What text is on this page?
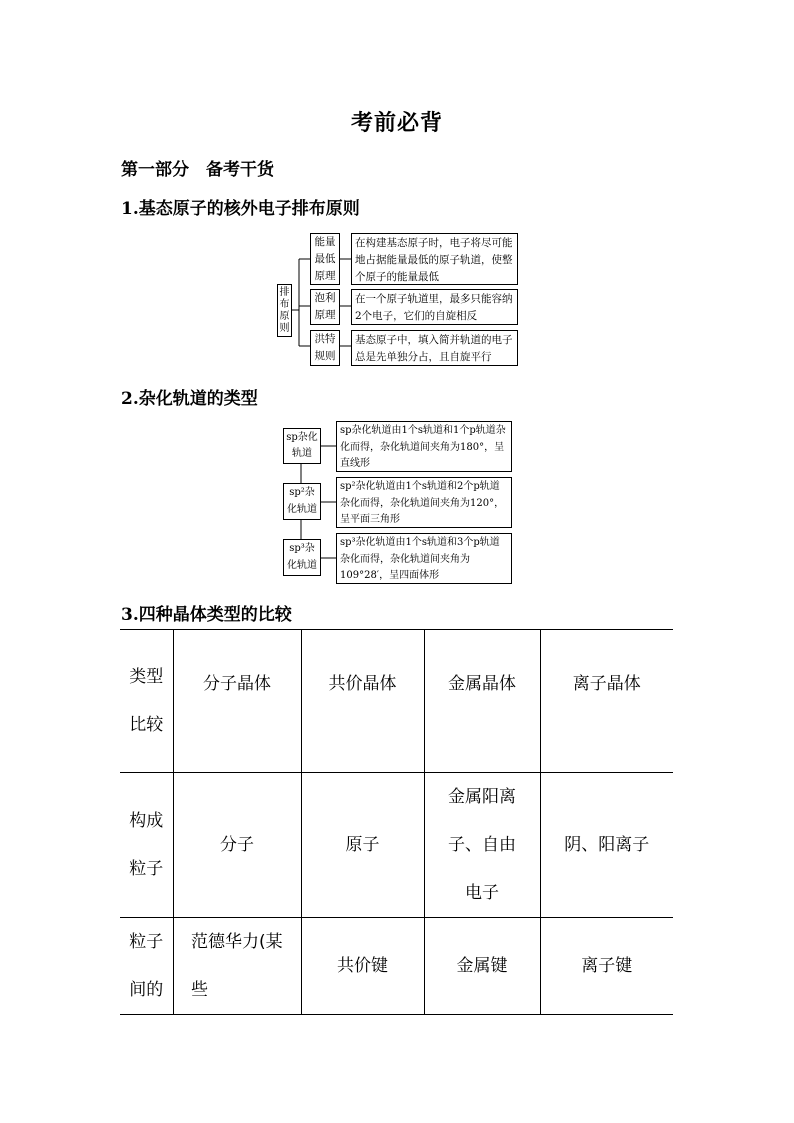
考前必背
第一部分　备考干货
1.基态原子的核外电子排布原则
排布原则
能量最低原理
在构建基态原子时，电子将尽可能地占据能量最低的原子轨道，使整个原子的能量最低
泡利原理
在一个原子轨道里，最多只能容纳2个电子，它们的自旋相反
洪特规则
基态原子中，填入简并轨道的电子总是先单独分占，且自旋平行
2.杂化轨道的类型
sp杂化轨道
sp杂化轨道由1个s轨道和1个p轨道杂化而得，杂化轨道间夹角为180°，呈直线形
sp²杂化轨道
sp²杂化轨道由1个s轨道和2个p轨道杂化而得，杂化轨道间夹角为120°，呈平面三角形
sp³杂化轨道
sp³杂化轨道由1个s轨道和3个p轨道杂化而得，杂化轨道间夹角为109°28′，呈四面体形
3.四种晶体类型的比较
类型比较	分子晶体	共价晶体	金属晶体	离子晶体

构成粒子	分子	原子	金属阳离子、自由电子	阴、阳离子

粒子间的	范德华力(某些	共价键	金属键	离子键
